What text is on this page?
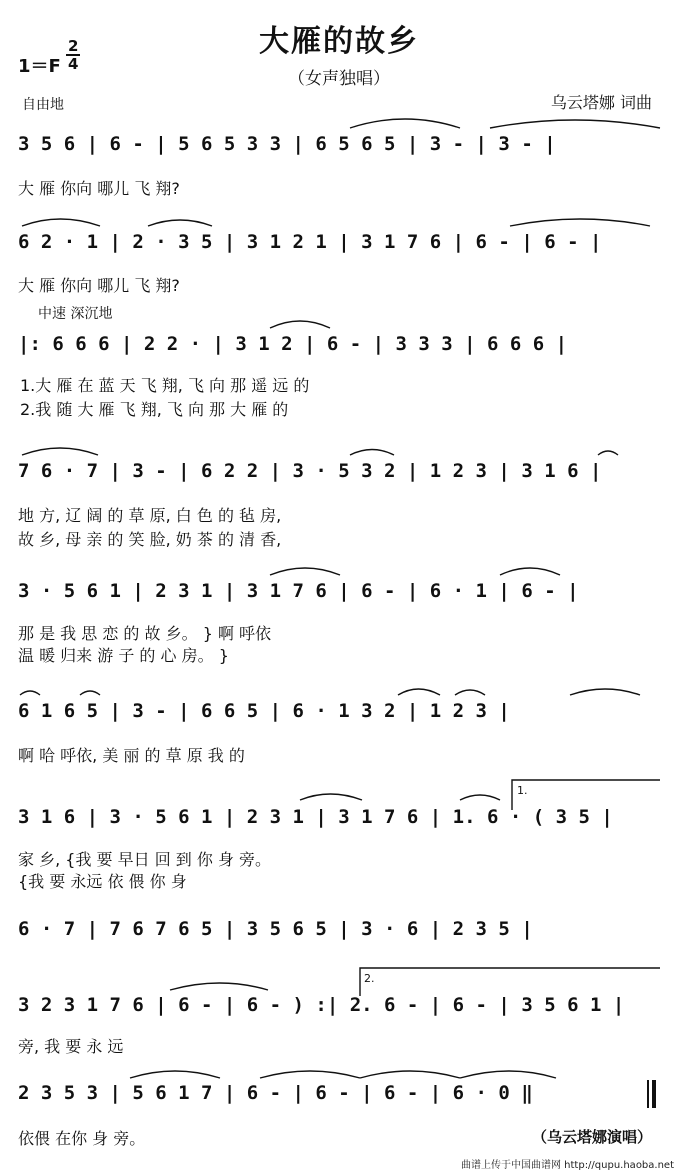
大雁的故乡
（女声独唱）
1＝F
2
4
自由地	乌云塔娜 词曲
3 5 6 | 6 - | 5 6 5 3 3 | 6 5 6 5 | 3 - | 3 - |
大 雁 你向 哪儿 飞 翔?
6 2 · 1 | 2 · 3 5 | 3 1 2 1 | 3 1 7 6 | 6 - | 6 - |
大 雁 你向 哪儿 飞 翔?
中速 深沉地
|: 6 6 6 | 2 2 · | 3 1 2 | 6 - | 3 3 3 | 6 6 6 |
1.大 雁 在 蓝 天 飞 翔, 飞 向 那 遥 远 的
2.我 随 大 雁 飞 翔, 飞 向 那 大 雁 的
7 6 · 7 | 3 - | 6 2 2 | 3 · 5 3 2 | 1 2 3 | 3 1 6 |
地 方, 辽 阔 的 草 原, 白 色 的 毡 房,
故 乡, 母 亲 的 笑 脸, 奶 茶 的 清 香,
3 · 5 6 1 | 2 3 1 | 3 1 7 6 | 6 - | 6 · 1 | 6 - |
那 是 我 思 恋 的 故 乡。 } 啊 呼依
温 暖 归来 游 子 的 心 房。 }
6 1 6 5 | 3 - | 6 6 5 | 6 · 1 3 2 | 1 2 3 |
啊 哈 呼依, 美 丽 的 草 原 我 的
3 1 6 | 3 · 5 6 1 | 2 3 1 | 3 1 7 6 | 1. 6 · ( 3 5 |
家 乡, {我 要 早日 回 到 你 身 旁。
{我 要 永远 依 偎 你 身
6 · 7 | 7 6 7 6 5 | 3 5 6 5 | 3 · 6 | 2 3 5 |
3 2 3 1 7 6 | 6 - | 6 - ) :| 2. 6 - | 6 - | 3 5 6 1 |
旁, 我 要 永 远
2 3 5 3 | 5 6 1 7 | 6 - | 6 - | 6 - | 6 · 0 ‖
依偎 在你 身 旁。	（乌云塔娜演唱）
曲谱上传于中国曲谱网 http://qupu.haoba.net
1.
2.
